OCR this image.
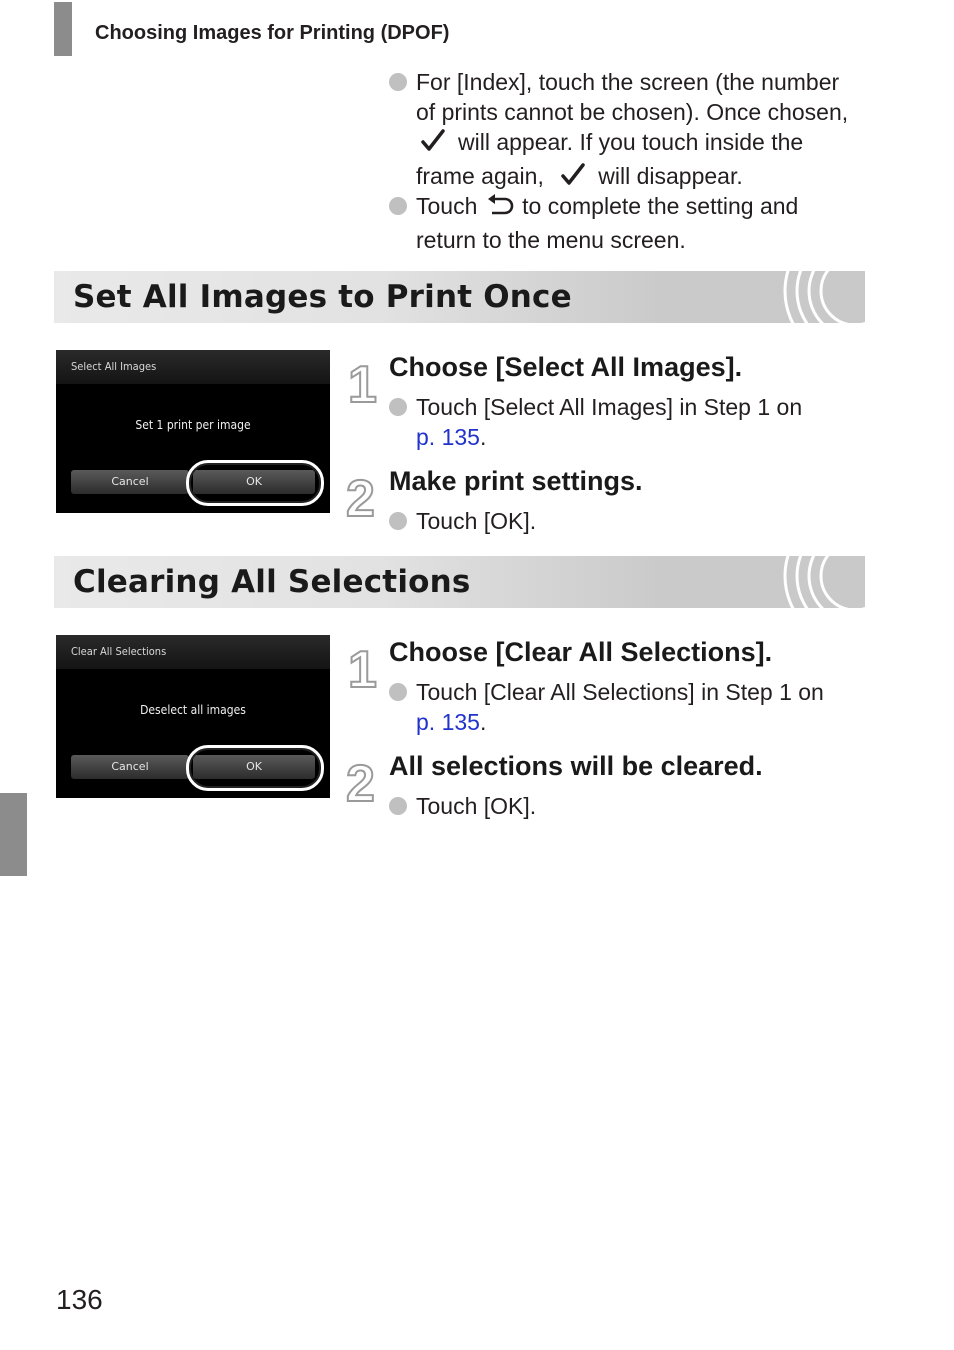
Choosing Images for Printing (DPOF)
For [Index], touch the screen (the number
of prints cannot be chosen). Once chosen,
will appear. If you touch inside the
frame again, will disappear.
Touch to complete the setting and
return to the menu screen.
Set All Images to Print Once
Select All Images
Set 1 print per image
Cancel	OK
1 Choose [Select All Images].
Touch [Select All Images] in Step 1 on
p. 135.
2 Make print settings.
Touch [OK].
Clearing All Selections
Clear All Selections
Deselect all images
Cancel	OK
1 Choose [Clear All Selections].
Touch [Clear All Selections] in Step 1 on
p. 135.
2 All selections will be cleared.
Touch [OK].
136
